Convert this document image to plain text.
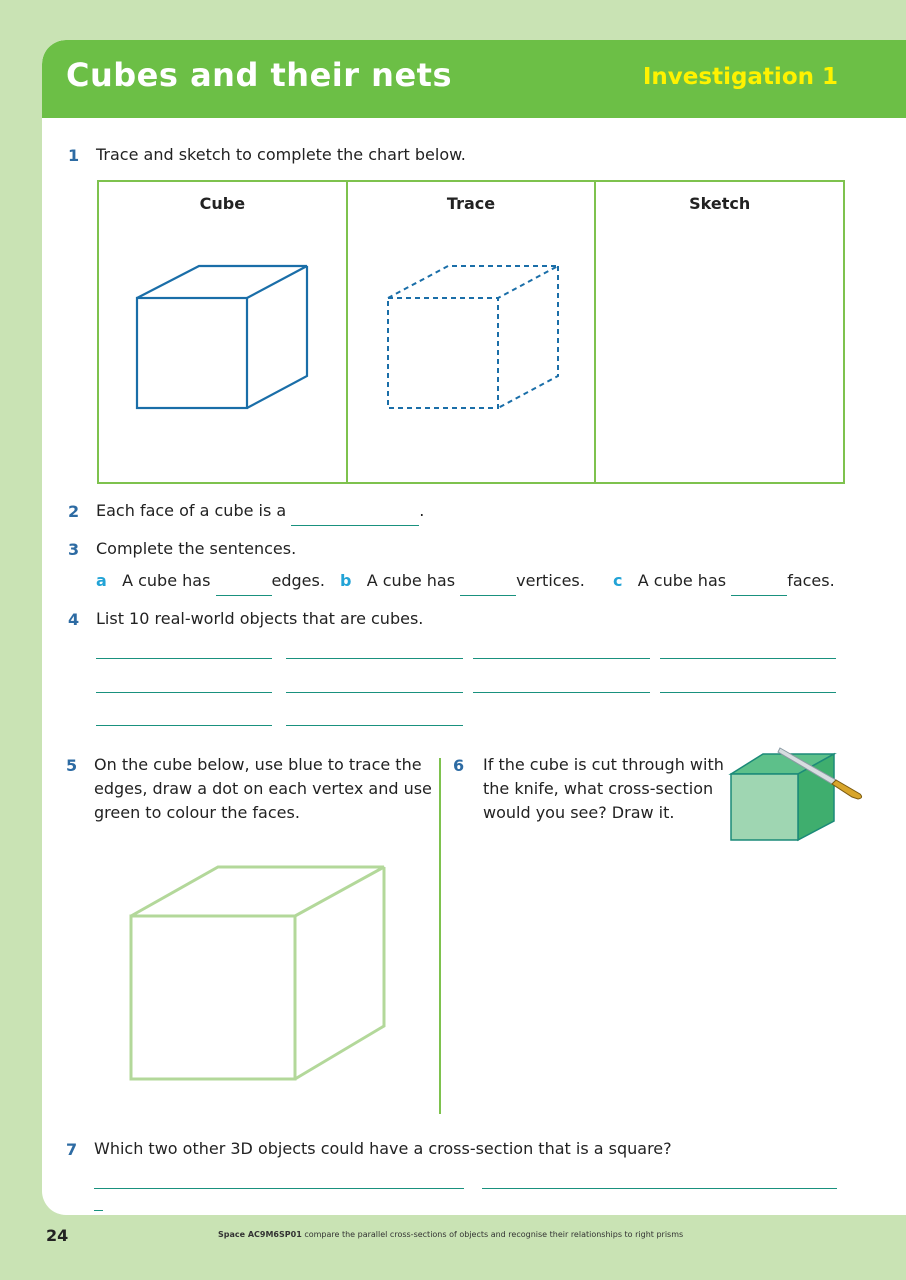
Cubes and their nets	Investigation 1
1 Trace and sketch to complete the chart below.
Cube	Trace	Sketch
2 Each face of a cube is a	.
3 Complete the sentences.
a A cube has	edges. b A cube has	vertices. c A cube has	faces.
4 List 10 real-world objects that are cubes.
5 On the cube below, use blue to trace the
edges, draw a dot on each vertex and use
green to colour the faces.
6 If the cube is cut through with
the knife, what cross-section
would you see? Draw it.
7 Which two other 3D objects could have a cross-section that is a square?
24	Space AC9M6SP01 compare the parallel cross-sections of objects and recognise their relationships to right prisms
